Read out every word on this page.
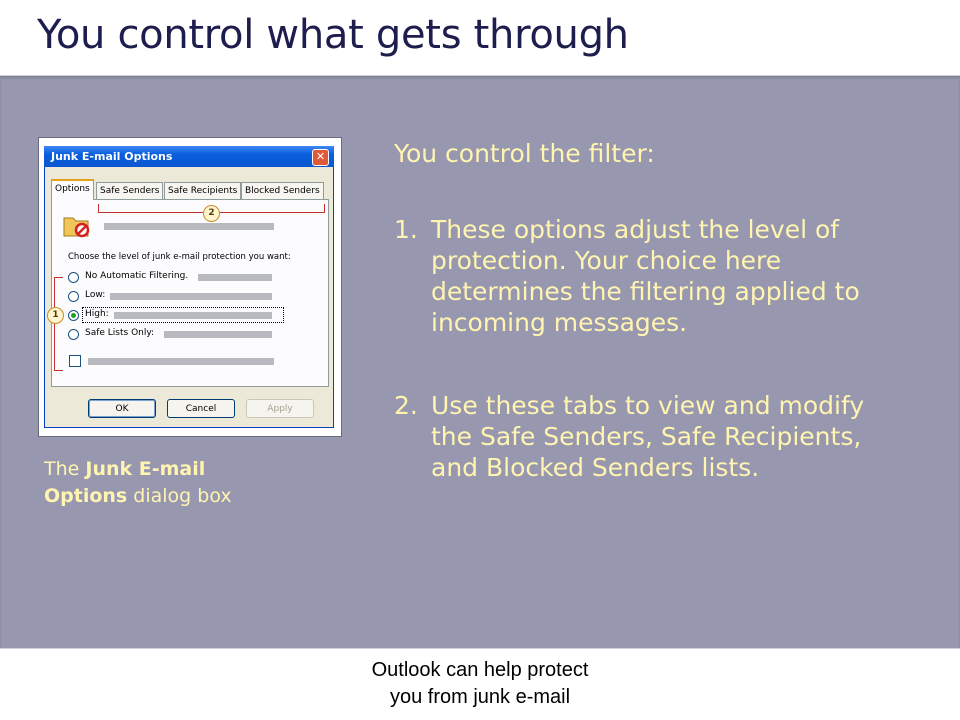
You control what gets through
Junk E-mail Options	✕
Options	Safe Senders Safe Recipients Blocked Senders
Choose the level of junk e-mail protection you want:
No Automatic Filtering.
Low:
High:
Safe Lists Only:
2
1
OK	Cancel	Apply
The Junk E-mail Options dialog box
You control the filter:
1. These options adjust the level of protection. Your choice here determines the filtering applied to incoming messages.
2. Use these tabs to view and modify the Safe Senders, Safe Recipients, and Blocked Senders lists.
Outlook can help protect
you from junk e-mail
